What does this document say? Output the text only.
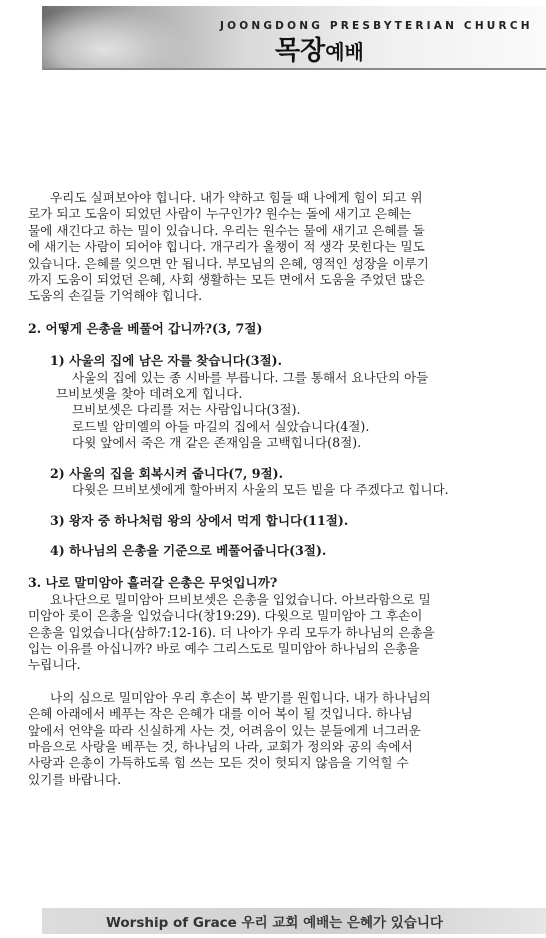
JOONGDONG PRESBYTERIAN CHURCH
목장예배

우리도 실펴보아야 힙니다. 내가 약하고 힘들 때 나에게 힘이 되고 위

로가 되고 도움이 되었던 사람이 누구인가? 원수는 돌에 새기고 은혜는

물에 새긴다고 하는 밀이 있습니다. 우리는 원수는 물에 새기고 은혜를 돌

에 새기는 사람이 되어야 힙니다. 개구리가 올챙이 적 생각 못힌다는 밀도

있습니다. 은혜를 잊으면 안 됩니다. 부모님의 은혜, 영적인 성장을 이루기

까지 도움이 되었던 은혜, 사회 생활하는 모든 면에서 도움을 주었던 많은

도움의 손길들 기억해야 힙니다.

2. 어떻게 은총을 베풀어 갑니까?(3, 7절)

1) 사울의 집에 남은 자를 찾습니다(3절).

사울의 집에 있는 종 시바를 부릅니다. 그를 통해서 요나단의 아들

므비보셋을 찾아 데려오게 힙니다.

므비보셋은 다리를 저는 사람입니다(3절).

로드빌 암미엘의 아들 마길의 집에서 실았습니다(4절).

다윗 앞에서 죽은 개 같은 존재임을 고백힙니다(8절).

2) 사울의 집을 회복시켜 줍니다(7, 9절).

다윗은 므비보셋에게 할아버지 사울의 모든 빝을 다 주겠다고 힙니다.

3) 왕자 중 하나처럼 왕의 상에서 먹게 합니다(11절).

4) 하나님의 은총을 기준으로 베풀어줍니다(3절).

3. 나로 말미암아 흘러갈 은총은 무엇입니까?

요나단으로 밀미암아 므비보셋은 은총을 입었습니다. 아브라함으로 밀

미암아 롯이 은총을 입었습니다(창19:29). 다윗으로 밀미암아 그 후손이

은총을 입었습니다(삼하7:12-16). 더 나아가 우리 모두가 하나님의 은총을

입는 이유를 아십니까? 바로 예수 그리스도로 밀미암아 하나님의 은총을

누립니다.

나의 심으로 밀미암아 우리 후손이 복 받기를 원힙니다. 내가 하나님의

은혜 아래에서 베푸는 작은 은혜가 대를 이어 복이 될 것입니다. 하나님

앞에서 언약을 따라 신실하게 사는 것, 어려움이 있는 분들에게 너그러운

마음으로 사랑을 베푸는 것, 하나님의 나라, 교회가 정의와 공의 속에서

사랑과 은총이 가득하도록 힘 쓰는 모든 것이 헛되지 않음을 기억힐 수

있기를 바랍니다.

Worship of Grace 우리 교회 예배는 은혜가 있습니다
